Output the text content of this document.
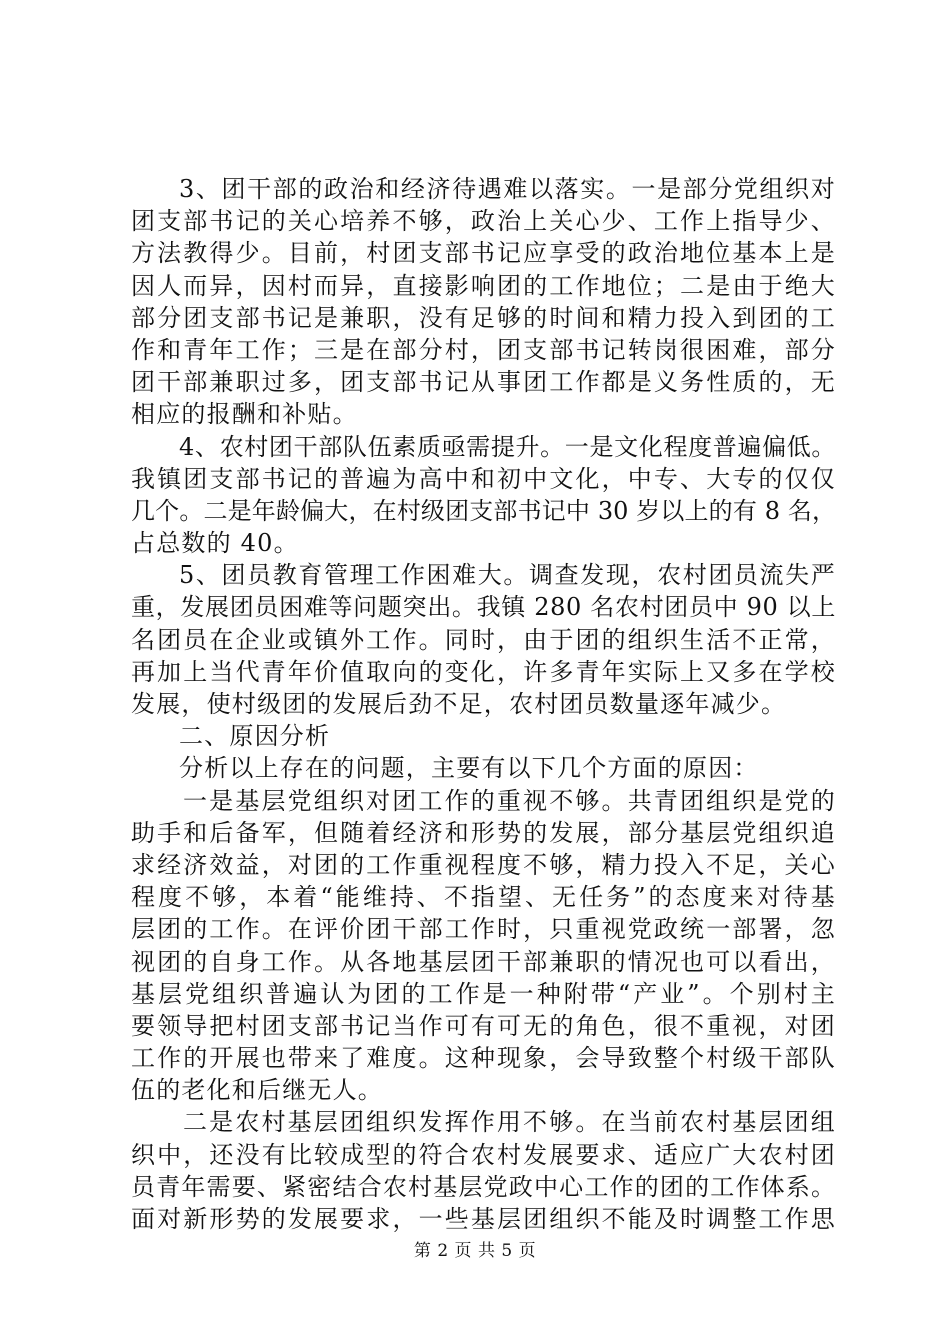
3、团干部的政治和经济待遇难以落实。一是部分党组织对
团支部书记的关心培养不够，政治上关心少、工作上指导少、
方法教得少。目前，村团支部书记应享受的政治地位基本上是
因人而异，因村而异，直接影响团的工作地位；二是由于绝大
部分团支部书记是兼职，没有足够的时间和精力投入到团的工
作和青年工作；三是在部分村，团支部书记转岗很困难，部分
团干部兼职过多，团支部书记从事团工作都是义务性质的，无
相应的报酬和补贴。
4、农村团干部队伍素质亟需提升。一是文化程度普遍偏低。
我镇团支部书记的普遍为高中和初中文化，中专、大专的仅仅
几个。二是年龄偏大，在村级团支部书记中 30 岁以上的有 8 名，
占总数的 40。
5、团员教育管理工作困难大。调查发现，农村团员流失严
重，发展团员困难等问题突出。我镇 280 名农村团员中 90 以上
名团员在企业或镇外工作。同时，由于团的组织生活不正常，
再加上当代青年价值取向的变化，许多青年实际上又多在学校
发展，使村级团的发展后劲不足，农村团员数量逐年减少。
二、原因分析
分析以上存在的问题，主要有以下几个方面的原因：
一是基层党组织对团工作的重视不够。共青团组织是党的
助手和后备军，但随着经济和形势的发展，部分基层党组织追
求经济效益，对团的工作重视程度不够，精力投入不足，关心
程度不够，本着“能维持、不指望、无任务”的态度来对待基
层团的工作。在评价团干部工作时，只重视党政统一部署，忽
视团的自身工作。从各地基层团干部兼职的情况也可以看出，
基层党组织普遍认为团的工作是一种附带“产业”。个别村主
要领导把村团支部书记当作可有可无的角色，很不重视，对团
工作的开展也带来了难度。这种现象，会导致整个村级干部队
伍的老化和后继无人。
二是农村基层团组织发挥作用不够。在当前农村基层团组
织中，还没有比较成型的符合农村发展要求、适应广大农村团
员青年需要、紧密结合农村基层党政中心工作的团的工作体系。
面对新形势的发展要求，一些基层团组织不能及时调整工作思
第 2 页 共 5 页
